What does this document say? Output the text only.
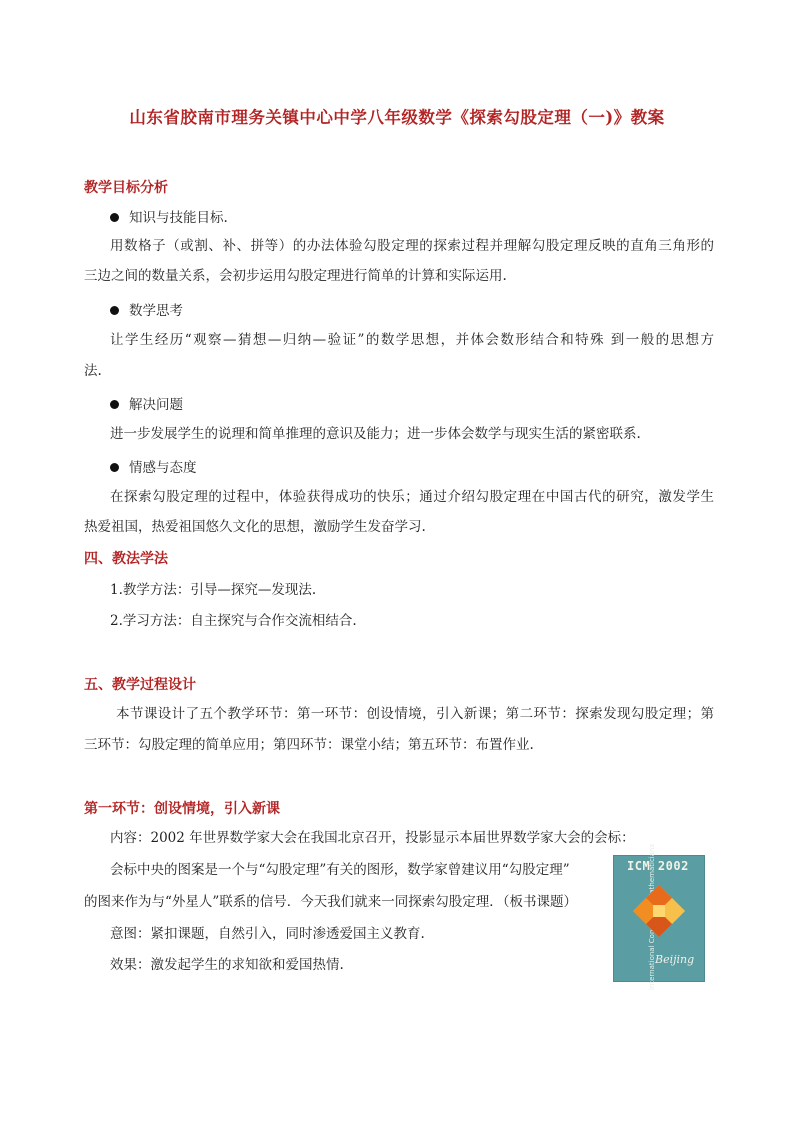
山东省胶南市理务关镇中心中学八年级数学《探索勾股定理（一)》教案
教学目标分析
知识与技能目标.
用数格子（或割、补、拼等）的办法体验勾股定理的探索过程并理解勾股定理反映的直角三角形的
三边之间的数量关系，会初步运用勾股定理进行简单的计算和实际运用.
数学思考
让学生经历“观察—猜想—归纳—验证”的数学思想，并体会数形结合和特殊 到一般的思想方
法.
解决问题
进一步发展学生的说理和简单推理的意识及能力；进一步体会数学与现实生活的紧密联系.
情感与态度
在探索勾股定理的过程中，体验获得成功的快乐；通过介绍勾股定理在中国古代的研究，激发学生
热爱祖国，热爱祖国悠久文化的思想，激励学生发奋学习.
四、教法学法
1.教学方法：引导—探究—发现法.
2.学习方法：自主探究与合作交流相结合.
五、教学过程设计
本节课设计了五个教学环节：第一环节：创设情境，引入新课；第二环节：探索发现勾股定理；第
三环节：勾股定理的简单应用；第四环节：课堂小结；第五环节：布置作业.
第一环节：创设情境，引入新课
内容：2002 年世界数学家大会在我国北京召开，投影显示本届世界数学家大会的会标：
会标中央的图案是一个与“勾股定理”有关的图形，数学家曾建议用“勾股定理”
的图来作为与“外星人”联系的信号．今天我们就来一同探索勾股定理．（板书课题）
意图：紧扣课题，自然引入，同时渗透爱国主义教育.
效果：激发起学生的求知欲和爱国热情.
ICM 2002
Beijing
